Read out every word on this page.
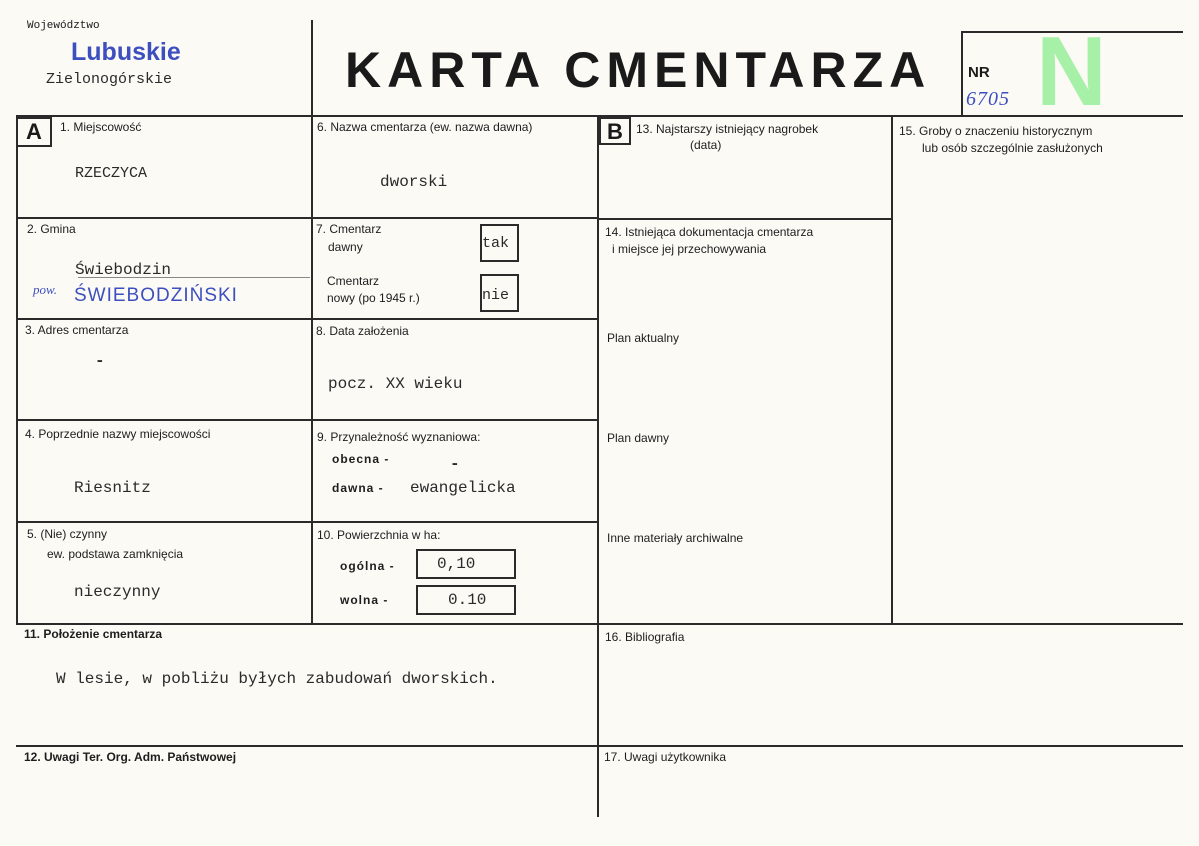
Województwo
Lubuskie
Zielonogórskie	KARTA CMENTARZA NR
6705 N
A	1. Miejscowość
RZECZYCA
2. Gmina
Świebodzin
pow. ŚWIEBODZIŃSKI
3. Adres cmentarza
-
4. Poprzednie nazwy miejscowości
Riesnitz
5. (Nie) czynny
ew. podstawa zamknięcia
nieczynny
6. Nazwa cmentarza (ew. nazwa dawna)
dworski
7. Cmentarz
dawny	tak
Cmentarz
nowy (po 1945 r.)	nie
8. Data założenia
pocz. XX wieku
9. Przynależność wyznaniowa:
obecna -	-
dawna - ewangelicka
10. Powierzchnia w ha:
ogólna -	0,10
wolna -	0.10
B	13. Najstarszy istniejący nagrobek
(data)
14. Istniejąca dokumentacja cmentarza
i miejsce jej przechowywania
Plan aktualny
Plan dawny
Inne materiały archiwalne
15. Groby o znaczeniu historycznym
lub osób szczególnie zasłużonych
11. Położenie cmentarza
W lesie, w pobliżu byłych zabudowań dworskich.
16. Bibliografia
12. Uwagi Ter. Org. Adm. Państwowej	17. Uwagi użytkownika
